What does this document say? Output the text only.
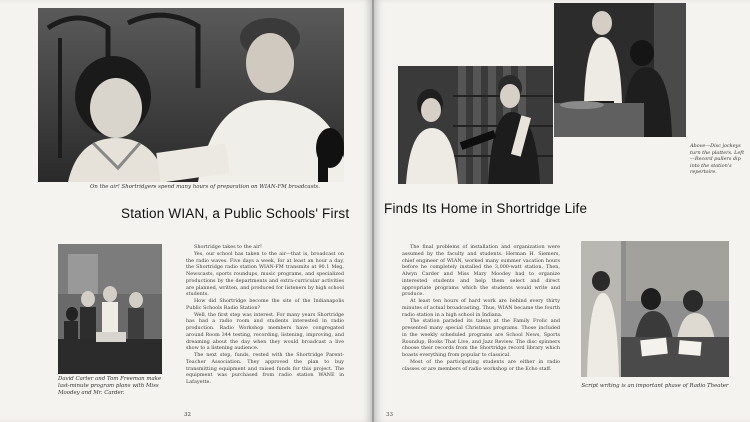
On the air! Shortridgers spend many hours of preparation on WIAN-FM broadcasts.
Station WIAN, a Public Schools' First
David Carter and Tom Freeman make last-minute program plans with Miss Moodey and Mr. Carder.

Shortridge takes to the air!

Yes, our school has taken to the air—that is, broadcast on the radio waves. Five days a week, for at least an hour a day, the Shortridge radio station WIAN-FM transmits at 90.1 Meg. Newscasts, sports roundups, music programs, and specialized productions by the departments and extra-curricular activities are planned, written, and produced for listeners by high school students.

How did Shortridge become the site of the Indianapolis Public Schools Radio Station?

Well, the first step was interest. For many years Shortridge has had a radio room and students interested in radio production. Radio Workshop members have congregated around Room 344 testing, recording, listening, improving, and dreaming about the day when they would broadcast a live show to a listening audience.

The next step, funds, rested with the Shortridge Parent-Teacher Association. They approved the plan to buy transmitting equipment and raised funds for this project. The equipment was purchased from radio station WANE in Lafayette.

32
Above—Disc jockeys turn the platters. Left—Record pullers dip into the station's repertoire.
Finds Its Home in Shortridge Life

The final problems of installation and organization were assumed by the faculty and students. Herman H. Siemers, chief engineer of WIAN, worked many summer vacation hours before he completely installed the 3,000-watt station. Then, Alwyn Carder and Miss Mary Moodey had to organize interested students and help them select and direct appropriate programs which the students would write and produce.

At least ten hours of hard work are behind every thirty minutes of actual broadcasting. Thus, WIAN became the fourth radio station in a high school in Indiana.

The station paraded its talent at the Family Frolic and presented many special Christmas programs. Those included in the weekly scheduled programs are School News, Sports Roundup, Books That Live, and Jazz Review. The disc spinners choose their records from the Shortridge record library which boasts everything from popular to classical.

Most of the participating students are either in radio classes or are members of radio workshop or the Echo staff.

Script writing is an important phase of Radio Theater
33
